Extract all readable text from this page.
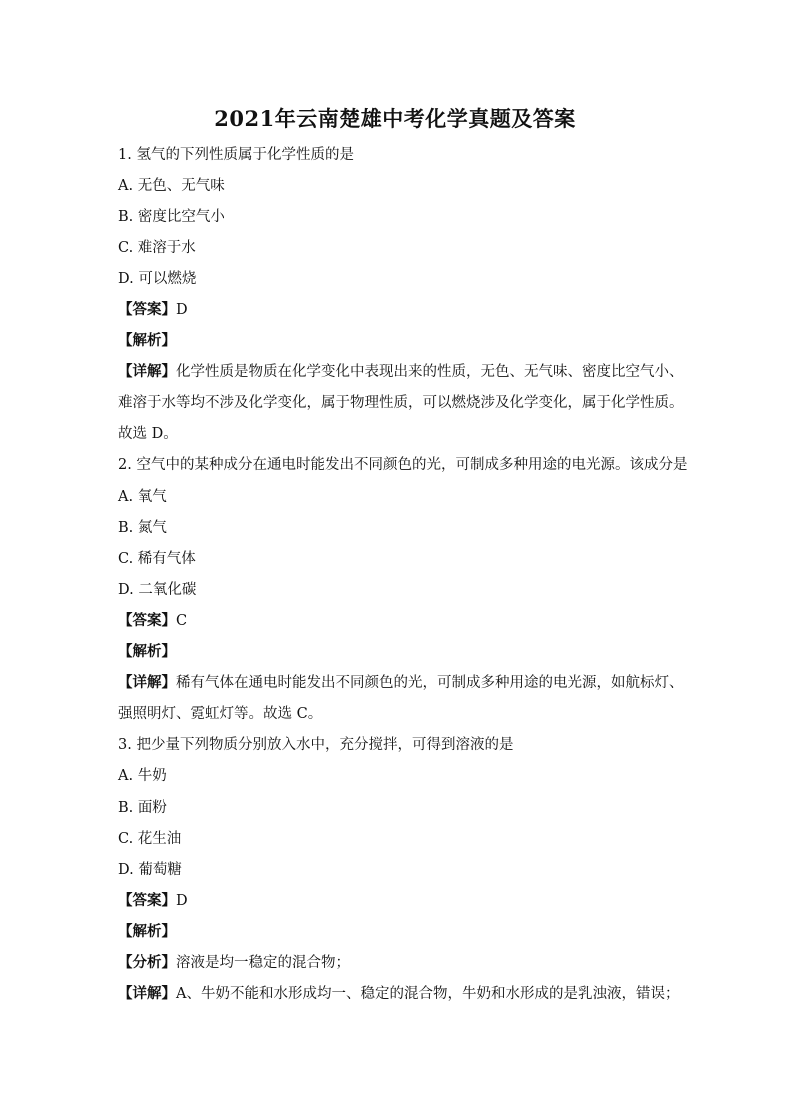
2021年云南楚雄中考化学真题及答案
1. 氢气的下列性质属于化学性质的是
A. 无色、无气味
B. 密度比空气小
C. 难溶于水
D. 可以燃烧
【答案】D
【解析】
【详解】化学性质是物质在化学变化中表现出来的性质，无色、无气味、密度比空气小、
难溶于水等均不涉及化学变化，属于物理性质，可以燃烧涉及化学变化，属于化学性质。
故选 D。
2. 空气中的某种成分在通电时能发出不同颜色的光，可制成多种用途的电光源。该成分是
A. 氧气
B. 氮气
C. 稀有气体
D. 二氧化碳
【答案】C
【解析】
【详解】稀有气体在通电时能发出不同颜色的光，可制成多种用途的电光源，如航标灯、
强照明灯、霓虹灯等。故选 C。
3. 把少量下列物质分别放入水中，充分搅拌，可得到溶液的是
A. 牛奶
B. 面粉
C. 花生油
D. 葡萄糖
【答案】D
【解析】
【分析】溶液是均一稳定的混合物；
【详解】A、牛奶不能和水形成均一、稳定的混合物，牛奶和水形成的是乳浊液，错误；
